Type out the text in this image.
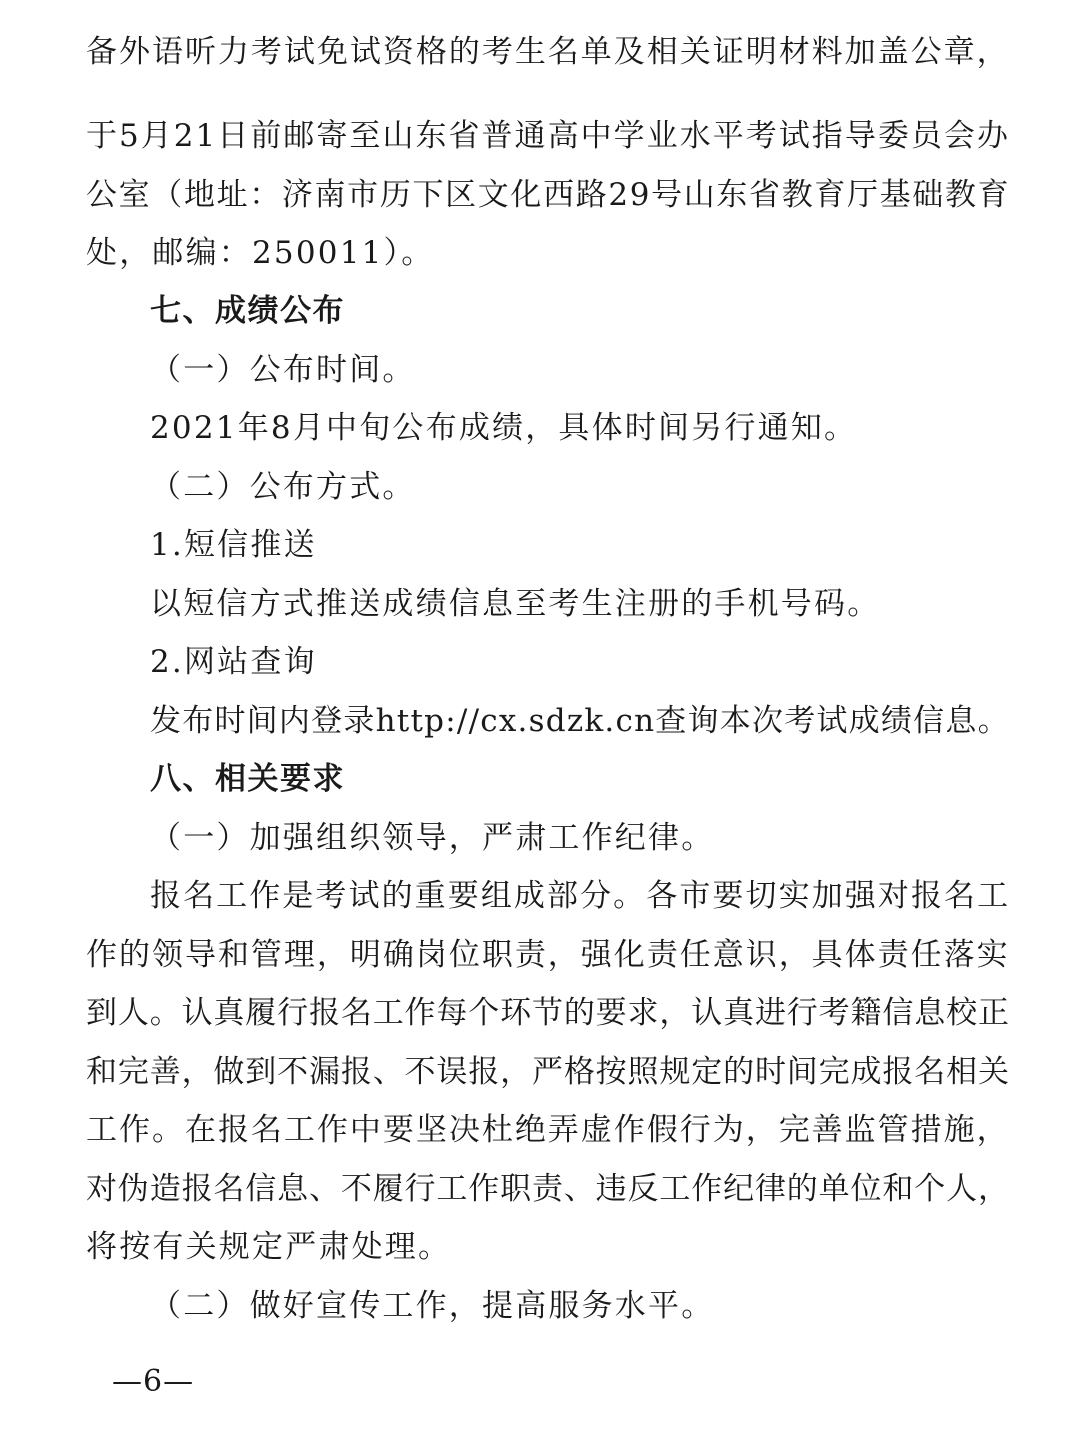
备外语听力考试免试资格的考生名单及相关证明材料加盖公章，
于5月21日前邮寄至山东省普通高中学业水平考试指导委员会办
公室（地址：济南市历下区文化西路29号山东省教育厅基础教育
处，邮编：250011）。
七、成绩公布
（一）公布时间。
2021年8月中旬公布成绩，具体时间另行通知。
（二）公布方式。
1.短信推送
以短信方式推送成绩信息至考生注册的手机号码。
2.网站查询
发布时间内登录http://cx.sdzk.cn查询本次考试成绩信息。
八、相关要求
（一）加强组织领导，严肃工作纪律。
报名工作是考试的重要组成部分。各市要切实加强对报名工
作的领导和管理，明确岗位职责，强化责任意识，具体责任落实
到人。认真履行报名工作每个环节的要求，认真进行考籍信息校正
和完善，做到不漏报、不误报，严格按照规定的时间完成报名相关
工作。在报名工作中要坚决杜绝弄虚作假行为，完善监管措施，
对伪造报名信息、不履行工作职责、违反工作纪律的单位和个人，
将按有关规定严肃处理。
（二）做好宣传工作，提高服务水平。
—6—
